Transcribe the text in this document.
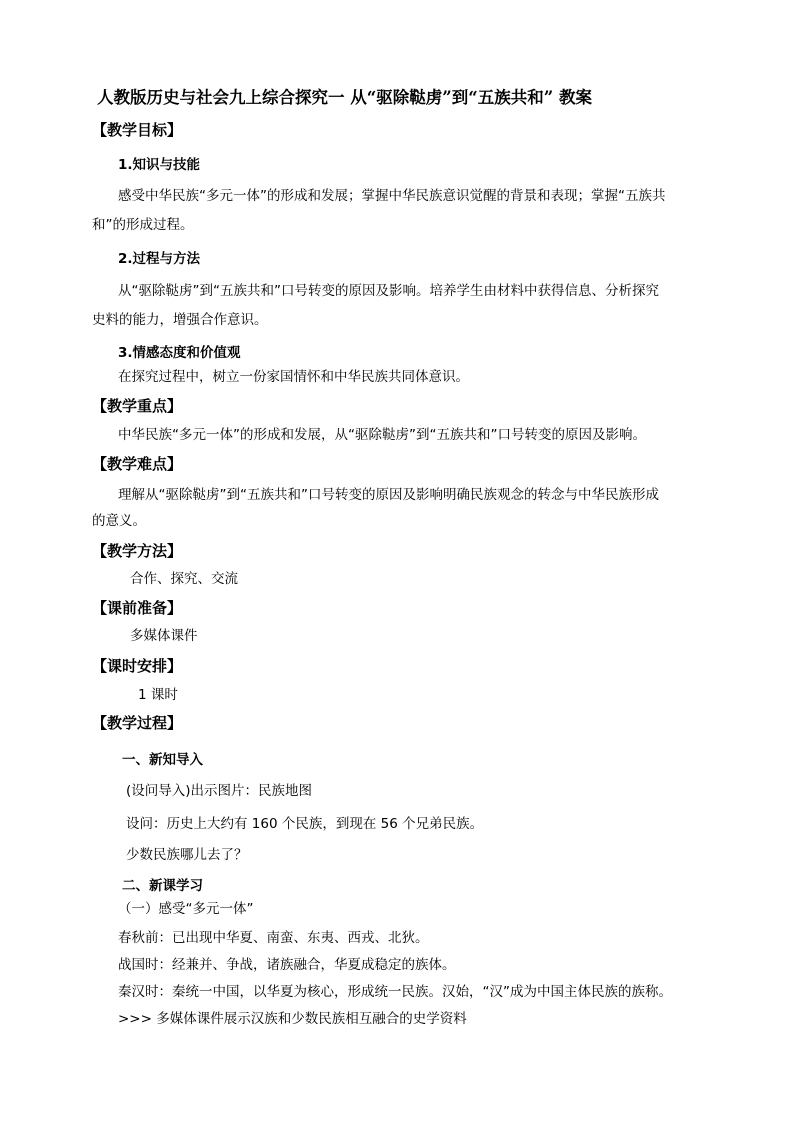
人教版历史与社会九上综合探究一 从“驱除鞑虏”到“五族共和” 教案
【教学目标】
1.知识与技能
感受中华民族“多元一体”的形成和发展；掌握中华民族意识觉醒的背景和表现；掌握“五族共
和”的形成过程。
2.过程与方法
从“驱除鞑虏”到“五族共和”口号转变的原因及影响。培养学生由材料中获得信息、分析探究
史料的能力，增强合作意识。
3.情感态度和价值观
在探究过程中，树立一份家国情怀和中华民族共同体意识。
【教学重点】
中华民族“多元一体”的形成和发展，从“驱除鞑虏”到“五族共和”口号转变的原因及影响。
【教学难点】
理解从“驱除鞑虏”到“五族共和”口号转变的原因及影响明确民族观念的转念与中华民族形成
的意义。
【教学方法】
合作、探究、交流
【课前准备】
多媒体课件
【课时安排】
1 课时
【教学过程】
一、新知导入
(设问导入)出示图片：民族地图
设问：历史上大约有 160 个民族，到现在 56 个兄弟民族。
少数民族哪儿去了？
二、新课学习
（一）感受“多元一体”
春秋前：已出现中华夏、南蛮、东夷、西戎、北狄。
战国时：经兼并、争战，诸族融合，华夏成稳定的族体。
秦汉时：秦统一中国，以华夏为核心，形成统一民族。汉始，“汉”成为中国主体民族的族称。
>>> 多媒体课件展示汉族和少数民族相互融合的史学资料
